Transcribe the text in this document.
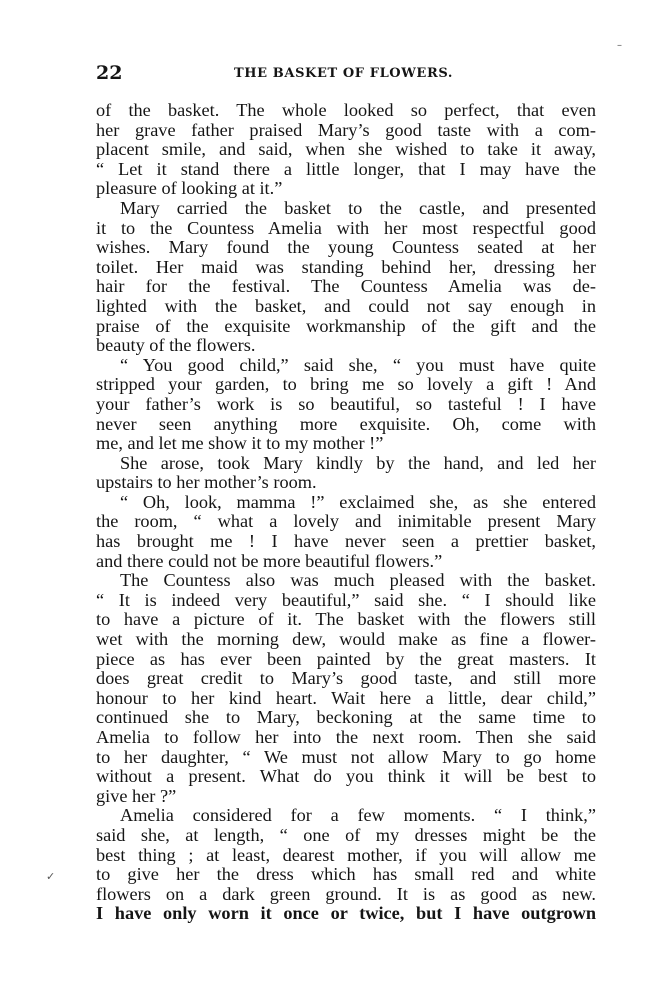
–
22	THE BASKET OF FLOWERS.
of the basket. The whole looked so perfect, that even
her grave father praised Mary’s good taste with a com-
placent smile, and said, when she wished to take it away,
“ Let it stand there a little longer, that I may have the
pleasure of looking at it.”
Mary carried the basket to the castle, and presented
it to the Countess Amelia with her most respectful good
wishes. Mary found the young Countess seated at her
toilet. Her maid was standing behind her, dressing her
hair for the festival. The Countess Amelia was de-
lighted with the basket, and could not say enough in
praise of the exquisite workmanship of the gift and the
beauty of the flowers.
“ You good child,” said she, “ you must have quite
stripped your garden, to bring me so lovely a gift ! And
your father’s work is so beautiful, so tasteful ! I have
never seen anything more exquisite. Oh, come with
me, and let me show it to my mother !”
She arose, took Mary kindly by the hand, and led her
upstairs to her mother’s room.
“ Oh, look, mamma !” exclaimed she, as she entered
the room, “ what a lovely and inimitable present Mary
has brought me ! I have never seen a prettier basket,
and there could not be more beautiful flowers.”
The Countess also was much pleased with the basket.
“ It is indeed very beautiful,” said she. “ I should like
to have a picture of it. The basket with the flowers still
wet with the morning dew, would make as fine a flower-
piece as has ever been painted by the great masters. It
does great credit to Mary’s good taste, and still more
honour to her kind heart. Wait here a little, dear child,”
continued she to Mary, beckoning at the same time to
Amelia to follow her into the next room. Then she said
to her daughter, “ We must not allow Mary to go home
without a present. What do you think it will be best to
give her ?”
Amelia considered for a few moments. “ I think,”
said she, at length, “ one of my dresses might be the
best thing ; at least, dearest mother, if you will allow me
to give her the dress which has small red and white
flowers on a dark green ground. It is as good as new.
I have only worn it once or twice, but I have outgrown
✓
